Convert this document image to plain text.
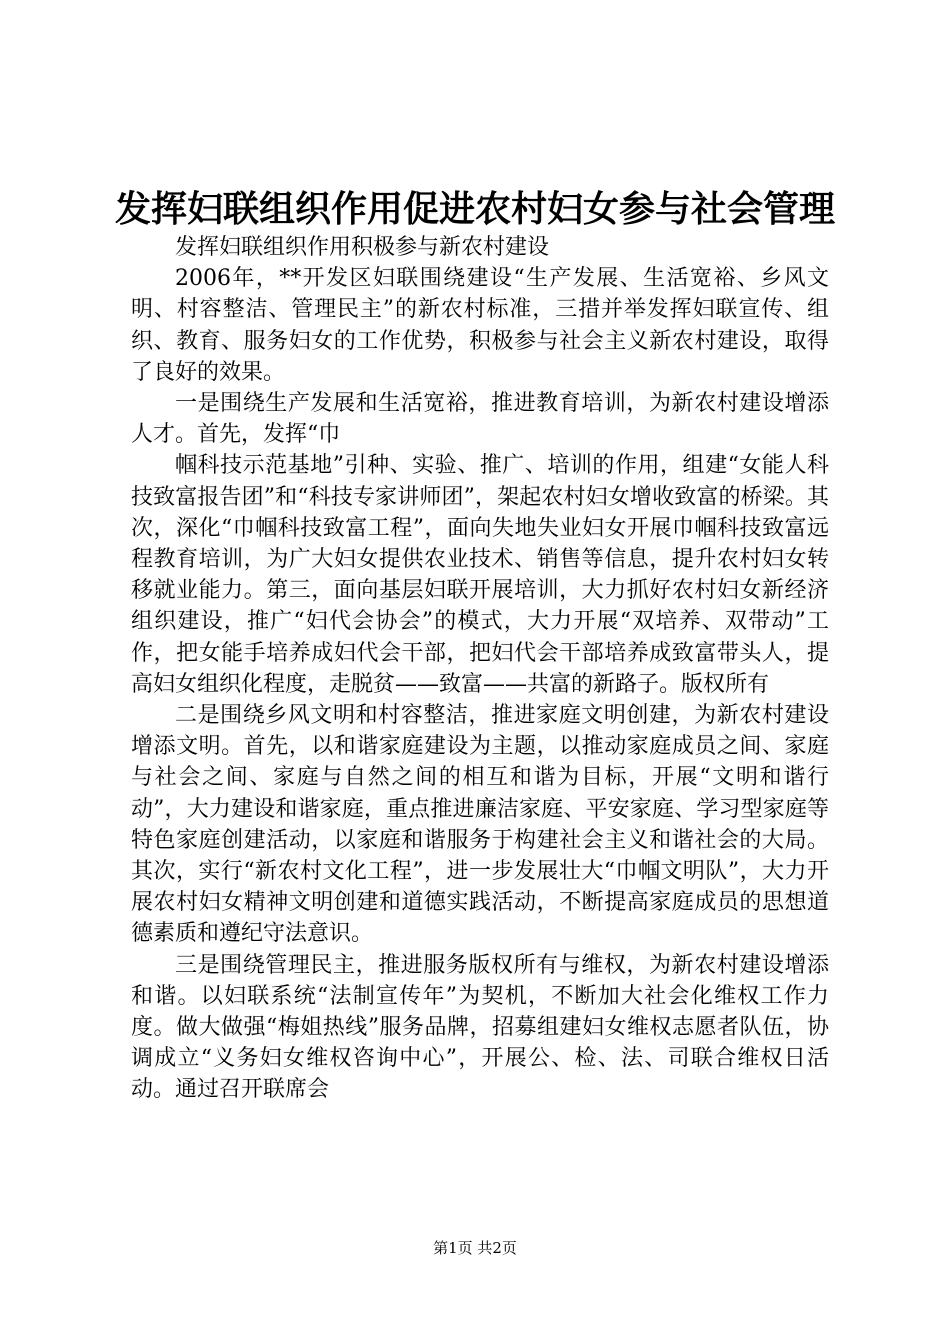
发挥妇联组织作用促进农村妇女参与社会管理

发挥妇联组织作用积极参与新农村建设

2006年，**开发区妇联围绕建设“生产发展、生活宽裕、乡风文明、村容整洁、管理民主”的新农村标准，三措并举发挥妇联宣传、组织、教育、服务妇女的工作优势，积极参与社会主义新农村建设，取得了良好的效果。

一是围绕生产发展和生活宽裕，推进教育培训，为新农村建设增添人才。首先，发挥“巾

帼科技示范基地”引种、实验、推广、培训的作用，组建“女能人科技致富报告团”和“科技专家讲师团”，架起农村妇女增收致富的桥梁。其次，深化“巾帼科技致富工程”，面向失地失业妇女开展巾帼科技致富远程教育培训，为广大妇女提供农业技术、销售等信息，提升农村妇女转移就业能力。第三，面向基层妇联开展培训，大力抓好农村妇女新经济组织建设，推广“妇代会协会”的模式，大力开展“双培养、双带动”工作，把女能手培养成妇代会干部，把妇代会干部培养成致富带头人，提高妇女组织化程度，走脱贫——致富——共富的新路子。版权所有

二是围绕乡风文明和村容整洁，推进家庭文明创建，为新农村建设增添文明。首先，以和谐家庭建设为主题，以推动家庭成员之间、家庭与社会之间、家庭与自然之间的相互和谐为目标，开展“文明和谐行动”，大力建设和谐家庭，重点推进廉洁家庭、平安家庭、学习型家庭等特色家庭创建活动，以家庭和谐服务于构建社会主义和谐社会的大局。其次，实行“新农村文化工程”，进一步发展壮大“巾帼文明队”，大力开展农村妇女精神文明创建和道德实践活动，不断提高家庭成员的思想道德素质和遵纪守法意识。

三是围绕管理民主，推进服务版权所有与维权，为新农村建设增添和谐。以妇联系统“法制宣传年”为契机，不断加大社会化维权工作力度。做大做强“梅姐热线”服务品牌，招募组建妇女维权志愿者队伍，协调成立“义务妇女维权咨询中心”，开展公、检、法、司联合维权日活动。通过召开联席会

第1页 共2页
